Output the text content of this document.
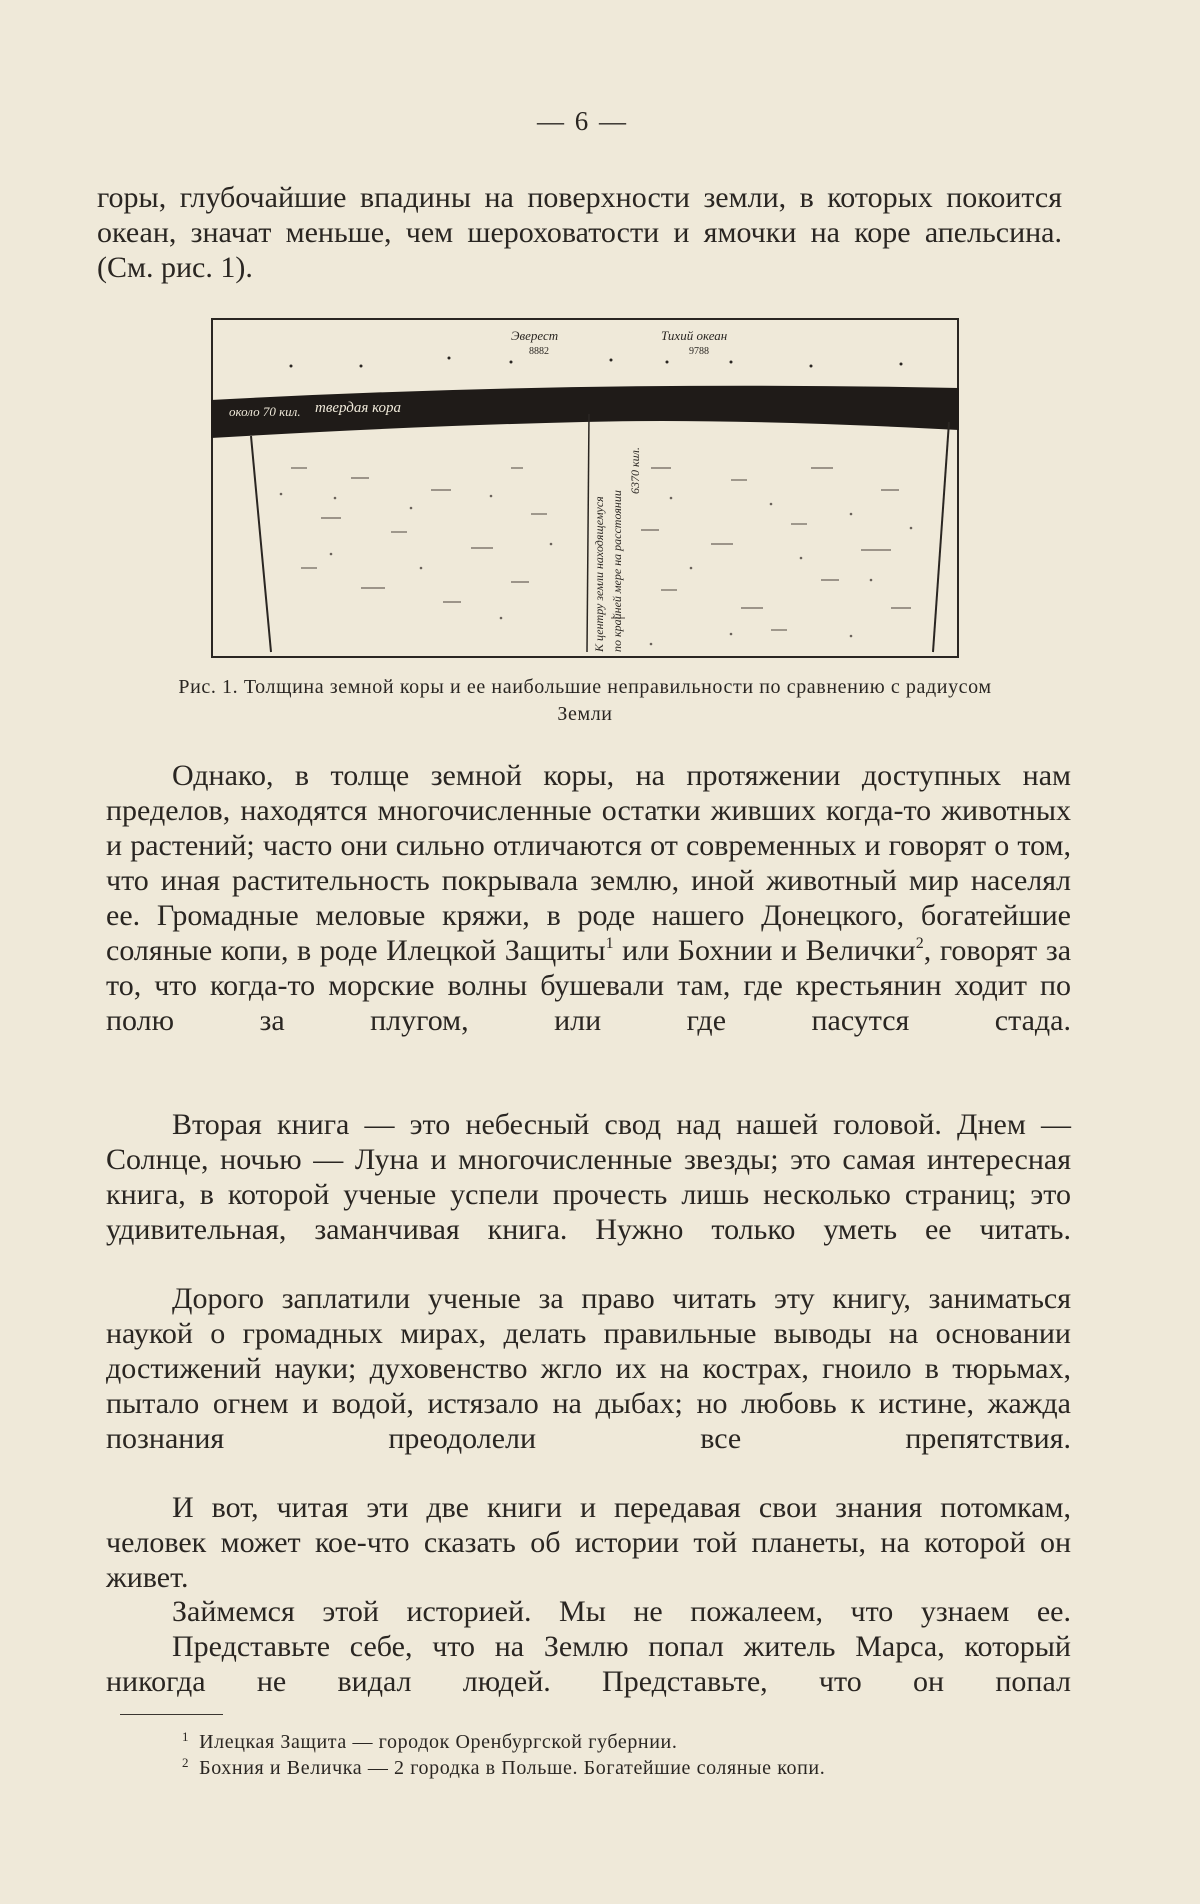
— 6 —

горы, глубочайшие впадины на поверхности земли, в которых покоится океан, значат меньше, чем шероховатости и ямочки на коре апельсина. (См. рис. 1).

Эверест
8882
Тихий океан
9788
около 70 кил. твердая кора
К центру земли находящемуся по крайней мере на расстоянии
6370 кил.
Рис. 1. Толщина земной коры и ее наибольшие неправильности по сравнению с радиусом Земли

Однако, в толще земной коры, на протяжении доступных нам пределов, находятся многочисленные остатки живших когда-то животных и растений; часто они сильно отличаются от современных и говорят о том, что иная растительность покрывала землю, иной животный мир населял ее. Громадные меловые кряжи, в роде нашего Донецкого, богатейшие соляные копи, в роде Илецкой Защиты$^1$ или Бохнии и Велички$^2$, говорят за то, что когда-то морские волны бушевали там, где крестьянин ходит по полю за плугом, или где пасутся стада.

Вторая книга — это небесный свод над нашей головой. Днем — Солнце, ночью — Луна и многочисленные звезды; это самая интересная книга, в которой ученые успели прочесть лишь несколько страниц; это удивительная, заманчивая книга. Нужно только уметь ее читать.

Дорого заплатили ученые за право читать эту книгу, заниматься наукой о громадных мирах, делать правильные выводы на основании достижений науки; духовенство жгло их на кострах, гноило в тюрьмах, пытало огнем и водой, истязало на дыбах; но любовь к истине, жажда познания преодолели все препятствия.

И вот, читая эти две книги и передавая свои знания потомкам, человек может кое-что сказать об истории той планеты, на которой он живет.

Займемся этой историей. Мы не пожалеем, что узнаем ее.

Представьте себе, что на Землю попал житель Марса, который никогда не видал людей. Представьте, что он попал

$^1$ Илецкая Защита — городок Оренбургской губернии.
$^2$ Бохния и Величка — 2 городка в Польше. Богатейшие соляные копи.
